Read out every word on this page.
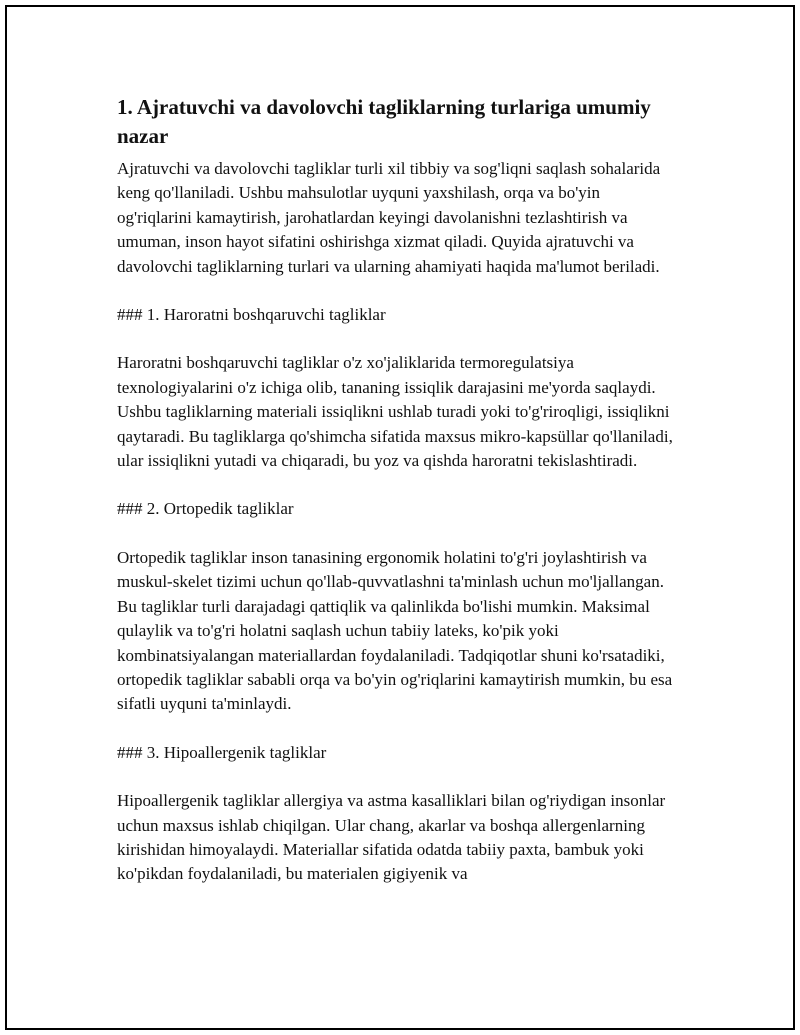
1. Ajratuvchi va davolovchi tagliklarning turlariga umumiy nazar

Ajratuvchi va davolovchi tagliklar turli xil tibbiy va sog'liqni saqlash sohalarida keng qo'llaniladi. Ushbu mahsulotlar uyquni yaxshilash, orqa va bo'yin og'riqlarini kamaytirish, jarohatlardan keyingi davolanishni tezlashtirish va umuman, inson hayot sifatini oshirishga xizmat qiladi. Quyida ajratuvchi va davolovchi tagliklarning turlari va ularning ahamiyati haqida ma'lumot beriladi.

### 1. Haroratni boshqaruvchi tagliklar

Haroratni boshqaruvchi tagliklar o'z xo'jaliklarida termoregulatsiya texnologiyalarini o'z ichiga olib, tananing issiqlik darajasini me'yorda saqlaydi. Ushbu tagliklarning materiali issiqlikni ushlab turadi yoki to'g'riroqligi, issiqlikni qaytaradi. Bu tagliklarga qo'shimcha sifatida maxsus mikro-kapsüllar qo'llaniladi, ular issiqlikni yutadi va chiqaradi, bu yoz va qishda haroratni tekislashtiradi.

### 2. Ortopedik tagliklar

Ortopedik tagliklar inson tanasining ergonomik holatini to'g'ri joylashtirish va muskul-skelet tizimi uchun qo'llab-quvvatlashni ta'minlash uchun mo'ljallangan. Bu tagliklar turli darajadagi qattiqlik va qalinlikda bo'lishi mumkin. Maksimal qulaylik va to'g'ri holatni saqlash uchun tabiiy lateks, ko'pik yoki kombinatsiyalangan materiallardan foydalaniladi. Tadqiqotlar shuni ko'rsatadiki, ortopedik tagliklar sababli orqa va bo'yin og'riqlarini kamaytirish mumkin, bu esa sifatli uyquni ta'minlaydi.

### 3. Hipoallergenik tagliklar

Hipoallergenik tagliklar allergiya va astma kasalliklari bilan og'riydigan insonlar uchun maxsus ishlab chiqilgan. Ular chang, akarlar va boshqa allergenlarning kirishidan himoyalaydi. Materiallar sifatida odatda tabiiy paxta, bambuk yoki ko'pikdan foydalaniladi, bu materialen gigiyenik va
